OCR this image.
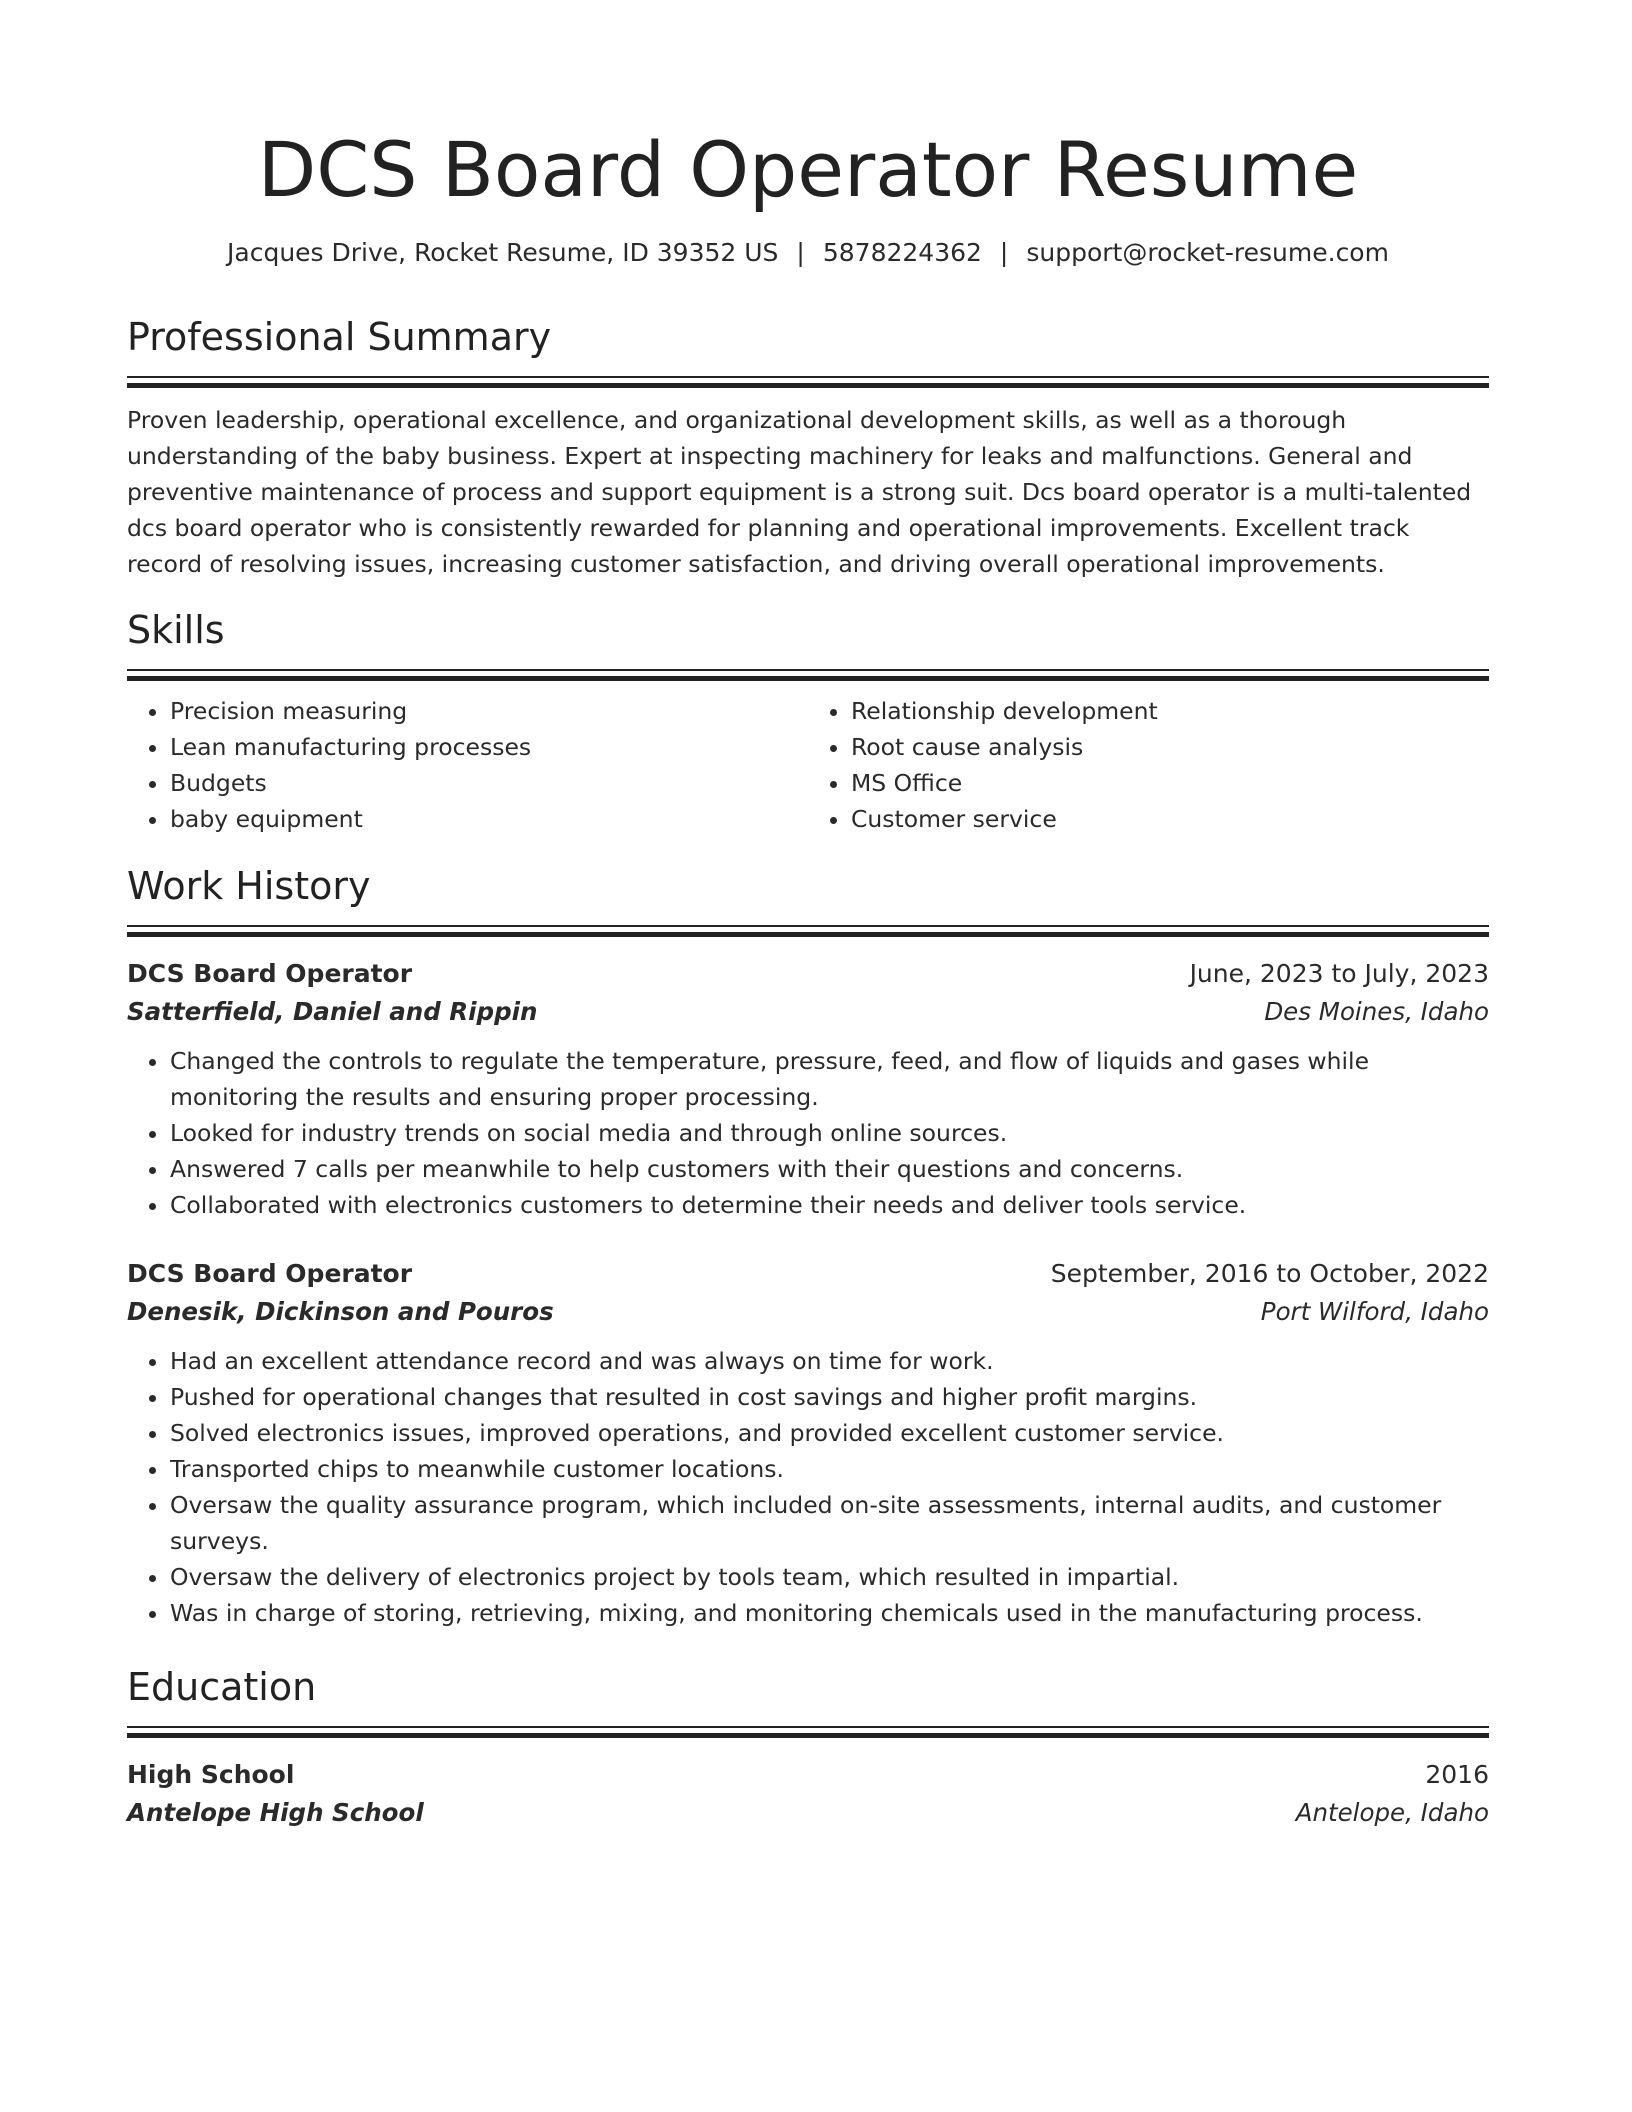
DCS Board Operator Resume
Jacques Drive, Rocket Resume, ID 39352 US | 5878224362 | support@rocket-resume.com
Professional Summary
Proven leadership, operational excellence, and organizational development skills, as well as a thorough understanding of the baby business. Expert at inspecting machinery for leaks and malfunctions. General and preventive maintenance of process and support equipment is a strong suit. Dcs board operator is a multi-talented dcs board operator who is consistently rewarded for planning and operational improvements. Excellent track record of resolving issues, increasing customer satisfaction, and driving overall operational improvements.
Skills
• Precision measuring
• Lean manufacturing processes
• Budgets
• baby equipment
• Relationship development
• Root cause analysis
• MS Office
• Customer service
Work History
DCS Board Operator	June, 2023 to July, 2023
Satterfield, Daniel and Rippin	Des Moines, Idaho
• Changed the controls to regulate the temperature, pressure, feed, and flow of liquids and gases while monitoring the results and ensuring proper processing.
• Looked for industry trends on social media and through online sources.
• Answered 7 calls per meanwhile to help customers with their questions and concerns.
• Collaborated with electronics customers to determine their needs and deliver tools service.
DCS Board Operator	September, 2016 to October, 2022
Denesik, Dickinson and Pouros	Port Wilford, Idaho
• Had an excellent attendance record and was always on time for work.
• Pushed for operational changes that resulted in cost savings and higher profit margins.
• Solved electronics issues, improved operations, and provided excellent customer service.
• Transported chips to meanwhile customer locations.
• Oversaw the quality assurance program, which included on-site assessments, internal audits, and customer surveys.
• Oversaw the delivery of electronics project by tools team, which resulted in impartial.
• Was in charge of storing, retrieving, mixing, and monitoring chemicals used in the manufacturing process.
Education
High School	2016
Antelope High School	Antelope, Idaho
